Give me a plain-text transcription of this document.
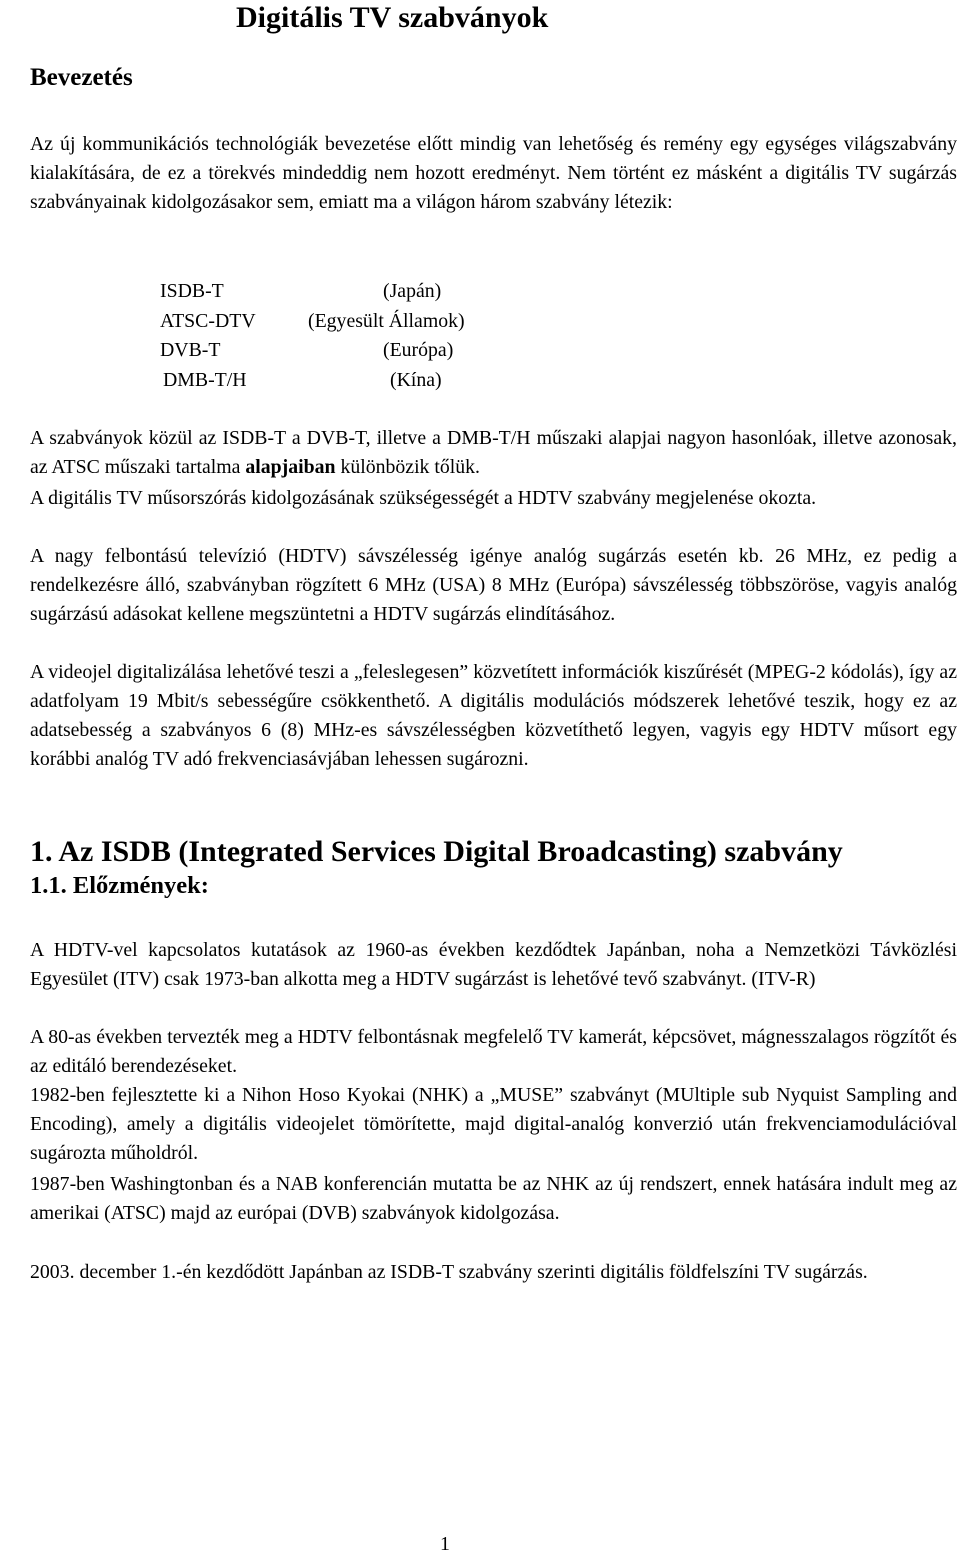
Digitális TV szabványok
Bevezetés

Az új kommunikációs technológiák bevezetése előtt mindig van lehetőség és remény egy egységes világszabvány kialakítására, de ez a törekvés mindeddig nem hozott eredményt. Nem történt ez másként a digitális TV sugárzás szabványainak kidolgozásakor sem, emiatt ma a világon három szabvány létezik:

ISDB-T	(Japán)
ATSC-DTV	(Egyesült Államok)
DVB-T	(Európa)
DMB-T/H	(Kína)

A szabványok közül az ISDB-T a DVB-T, illetve a DMB-T/H műszaki alapjai nagyon hasonlóak, illetve azonosak, az ATSC műszaki tartalma alapjaiban különbözik tőlük.

A digitális TV műsorszórás kidolgozásának szükségességét a HDTV szabvány megjelenése okozta.

A nagy felbontású televízió (HDTV) sávszélesség igénye analóg sugárzás esetén kb. 26 MHz, ez pedig a rendelkezésre álló, szabványban rögzített 6 MHz (USA) 8 MHz (Európa) sávszélesség többszöröse, vagyis analóg sugárzású adásokat kellene megszüntetni a HDTV sugárzás elindításához.

A videojel digitalizálása lehetővé teszi a „feleslegesen” közvetített információk kiszűrését (MPEG-2 kódolás), így az adatfolyam 19 Mbit/s sebességűre csökkenthető. A digitális modulációs módszerek lehetővé teszik, hogy ez az adatsebesség a szabványos 6 (8) MHz-es sávszélességben közvetíthető legyen, vagyis egy HDTV műsort egy korábbi analóg TV adó frekvenciasávjában lehessen sugározni.

1. Az ISDB (Integrated Services Digital Broadcasting) szabvány
1.1. Előzmények:

A HDTV-vel kapcsolatos kutatások az 1960-as években kezdődtek Japánban, noha a Nemzetközi Távközlési Egyesület (ITV) csak 1973-ban alkotta meg a HDTV sugárzást is lehetővé tevő szabványt. (ITV-R)

A 80-as években tervezték meg a HDTV felbontásnak megfelelő TV kamerát, képcsövet, mágnesszalagos rögzítőt és az editáló berendezéseket.

1982-ben fejlesztette ki a Nihon Hoso Kyokai (NHK) a „MUSE” szabványt (MUltiple sub Nyquist Sampling and Encoding), amely a digitális videojelet tömörítette, majd digital-analóg konverzió után frekvenciamodulációval sugározta műholdról.

1987-ben Washingtonban és a NAB konferencián mutatta be az NHK az új rendszert, ennek hatására indult meg az amerikai (ATSC) majd az európai (DVB) szabványok kidolgozása.

2003. december 1.-én kezdődött Japánban az ISDB-T szabvány szerinti digitális földfelszíni TV sugárzás.

1
